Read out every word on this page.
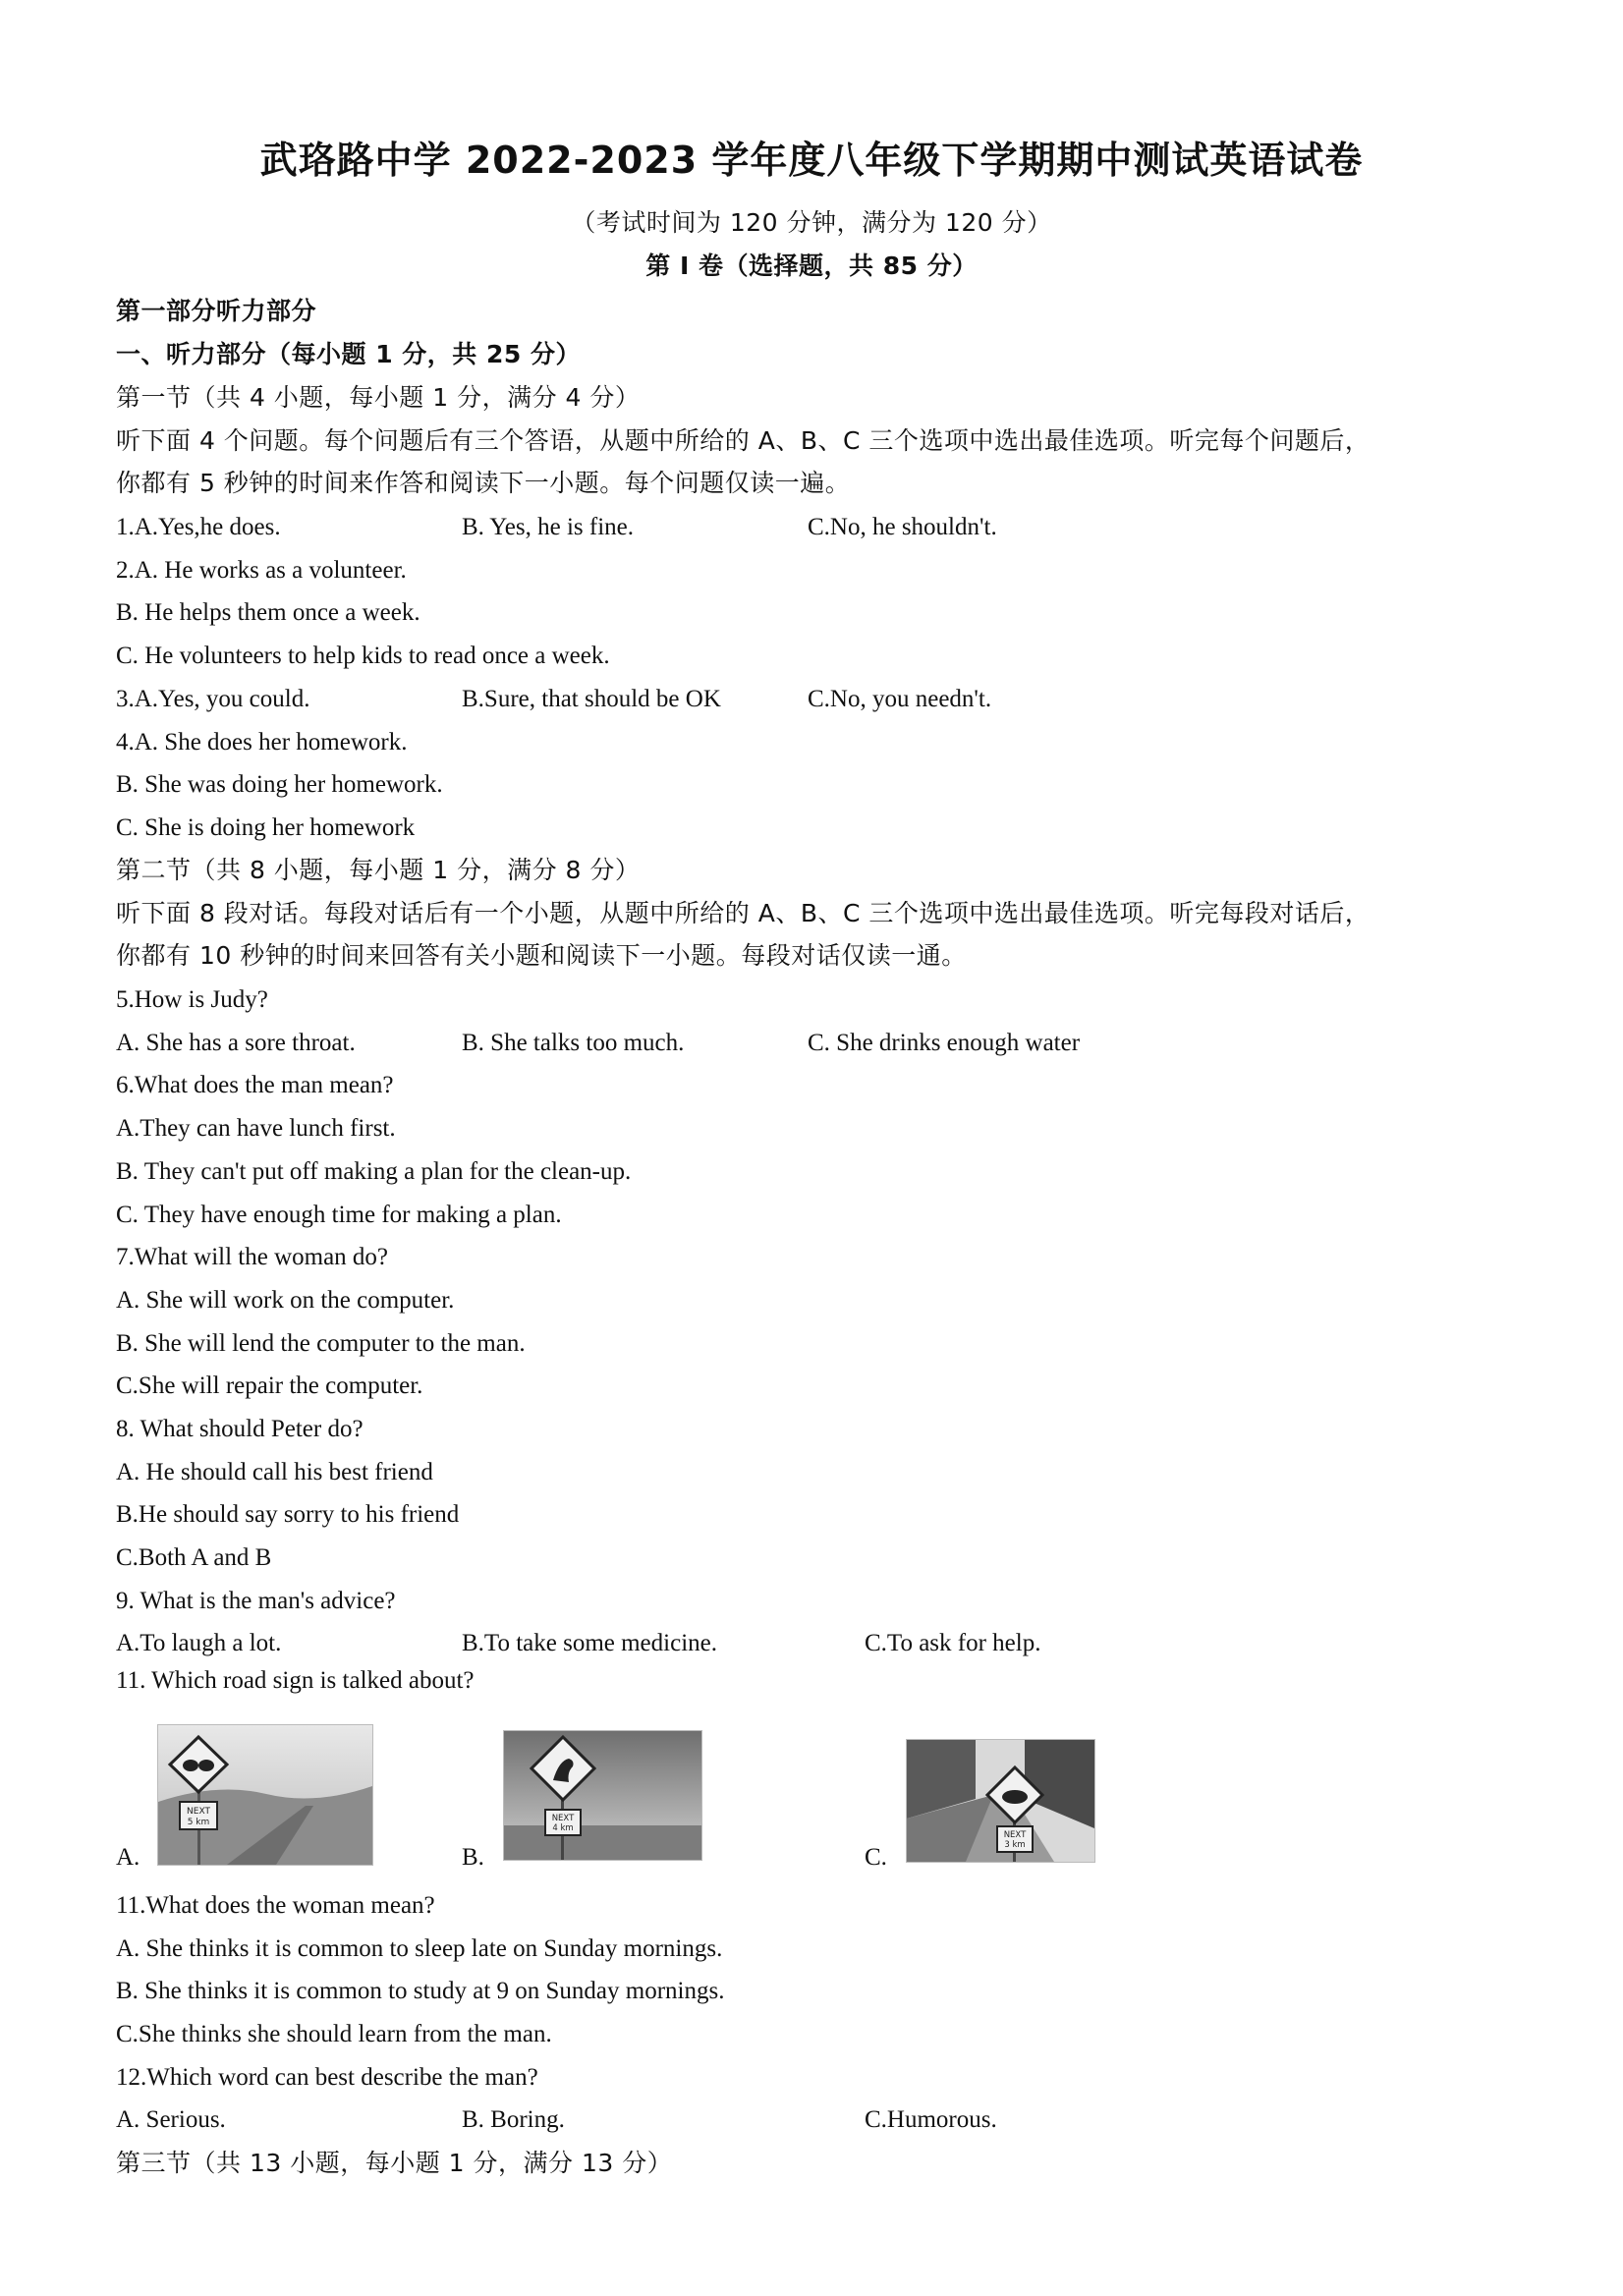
武珞路中学 2022-2023 学年度八年级下学期期中测试英语试卷
（考试时间为 120 分钟，满分为 120 分）
第 I 卷（选择题，共 85 分）
第一部分听力部分
一、听力部分（每小题 1 分，共 25 分）
第一节（共 4 小题，每小题 1 分，满分 4 分）
听下面 4 个问题。每个问题后有三个答语，从题中所给的 A、B、C 三个选项中选出最佳选项。听完每个问题后，
你都有 5 秒钟的时间来作答和阅读下一小题。每个问题仅读一遍。
1.A.Yes,he does.	B. Yes, he is fine.	C.No, he shouldn't.
2.A. He works as a volunteer.
B. He helps them once a week.
C. He volunteers to help kids to read once a week.
3.A.Yes, you could.	B.Sure, that should be OK	C.No, you needn't.
4.A. She does her homework.
B. She was doing her homework.
C. She is doing her homework
第二节（共 8 小题，每小题 1 分，满分 8 分）
听下面 8 段对话。每段对话后有一个小题，从题中所给的 A、B、C 三个选项中选出最佳选项。听完每段对话后，
你都有 10 秒钟的时间来回答有关小题和阅读下一小题。每段对话仅读一通。
5.How is Judy?
A. She has a sore throat.	B. She talks too much.	C. She drinks enough water
6.What does the man mean?
A.They can have lunch first.
B. They can't put off making a plan for the clean-up.
C. They have enough time for making a plan.
7.What will the woman do?
A. She will work on the computer.
B. She will lend the computer to the man.
C.She will repair the computer.
8. What should Peter do?
A. He should call his best friend
B.He should say sorry to his friend
C.Both A and B
9. What is the man's advice?
A.To laugh a lot.	B.To take some medicine.	C.To ask for help.
11. Which road sign is talked about?
A.
NEXT
5 km
B.
NEXT
4 km
C.
NEXT
3 km
11.What does the woman mean?
A. She thinks it is common to sleep late on Sunday mornings.
B. She thinks it is common to study at 9 on Sunday mornings.
C.She thinks she should learn from the man.
12.Which word can best describe the man?
A. Serious.	B. Boring.	C.Humorous.
第三节（共 13 小题，每小题 1 分，满分 13 分）
